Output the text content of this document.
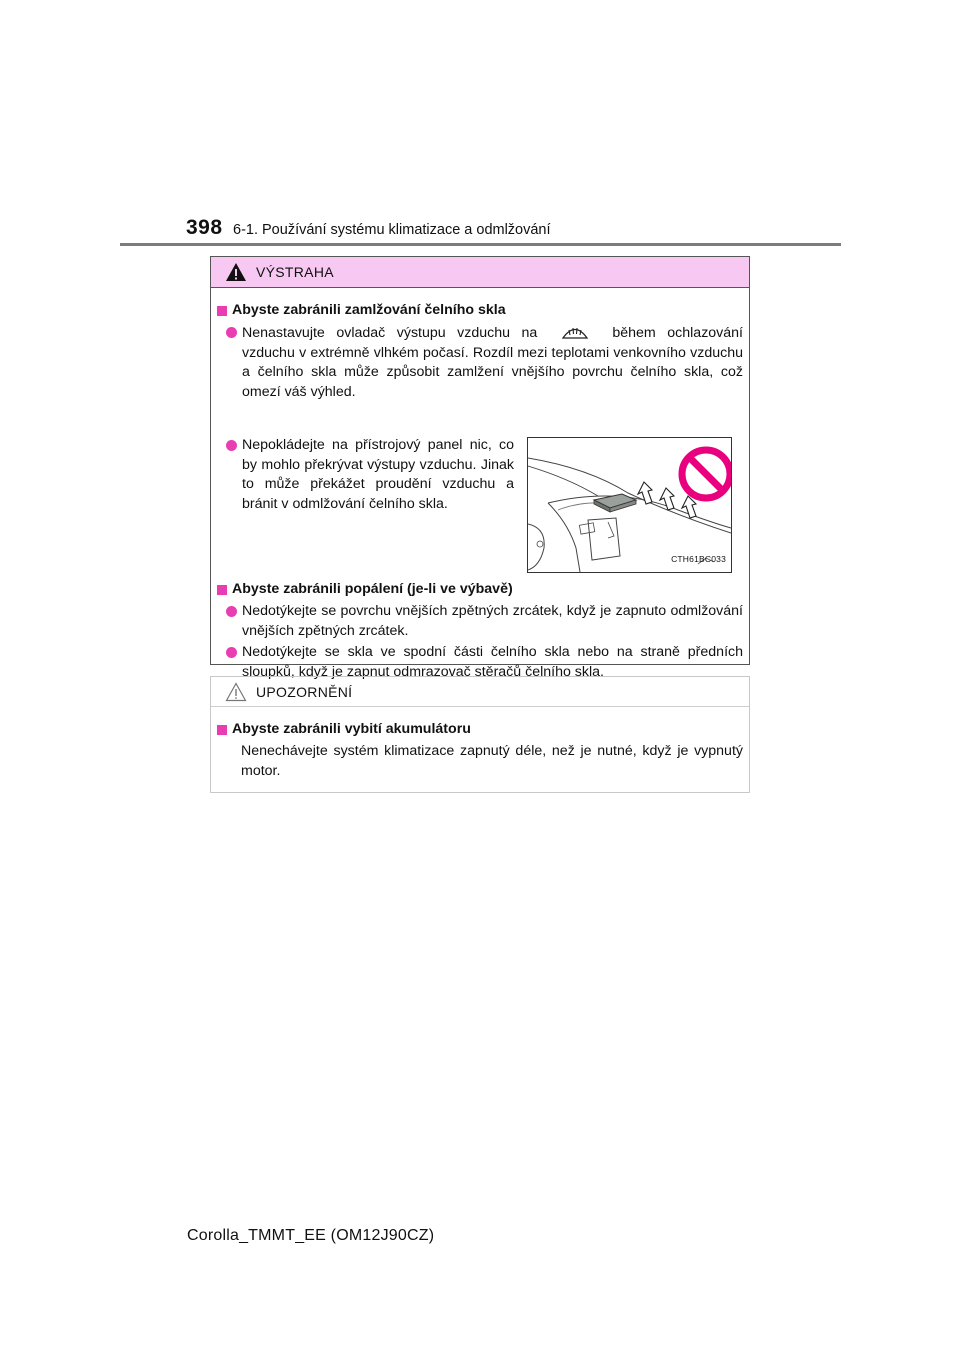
398 6-1. Používání systému klimatizace a odmlžování
VÝSTRAHA
Abyste zabránili zamlžování čelního skla
Nenastavujte ovladač výstupu vzduchu na	během ochlazování vzduchu v extrémně vlhkém počasí. Rozdíl mezi teplotami venkovního vzduchu a čelního skla může způsobit zamlžení vnějšího povrchu čelního skla, což omezí váš výhled.
Nepokládejte na přístrojový panel nic, co by mohlo překrývat výstupy vzduchu. Jinak to může překážet proudění vzduchu a bránit v odmlžování čelního skla.
CTH61BC033
Abyste zabránili popálení (je-li ve výbavě)
Nedotýkejte se povrchu vnějších zpětných zrcátek, když je zapnuto odmlžování vnějších zpětných zrcátek.
Nedotýkejte se skla ve spodní části čelního skla nebo na straně předních sloupků, když je zapnut odmrazovač stěračů čelního skla.
UPOZORNĚNÍ
Abyste zabránili vybití akumulátoru
Nenechávejte systém klimatizace zapnutý déle, než je nutné, když je vypnutý motor.
Corolla_TMMT_EE (OM12J90CZ)
